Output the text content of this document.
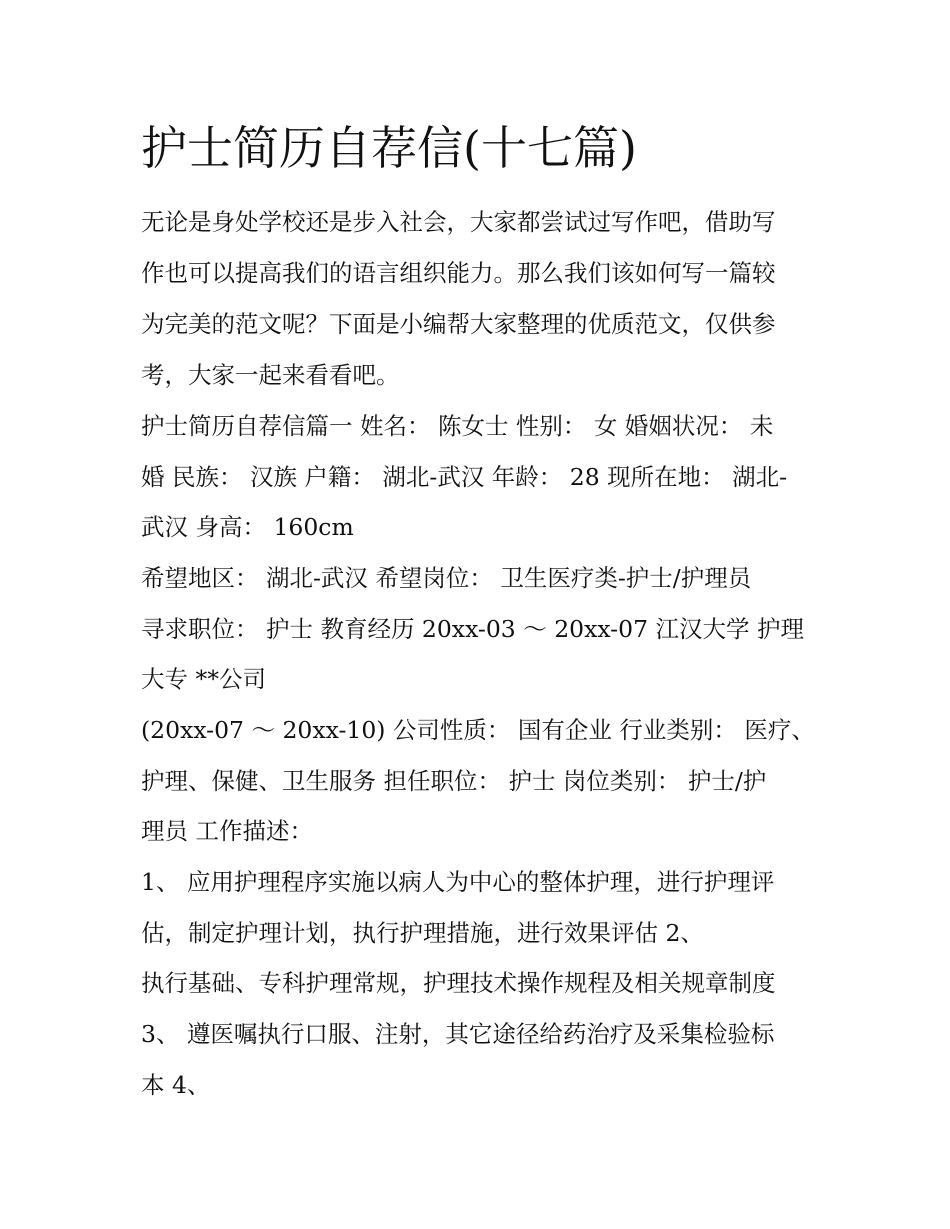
护士简历自荐信(十七篇)

无论是身处学校还是步入社会，大家都尝试过写作吧，借助写

作也可以提高我们的语言组织能力。那么我们该如何写一篇较

为完美的范文呢？下面是小编帮大家整理的优质范文，仅供参

考，大家一起来看看吧。

护士简历自荐信篇一 姓名： 陈女士 性别： 女 婚姻状况： 未

婚 民族： 汉族 户籍： 湖北-武汉 年龄： 28 现所在地： 湖北-

武汉 身高： 160cm

希望地区： 湖北-武汉 希望岗位： 卫生医疗类-护士/护理员

寻求职位： 护士 教育经历 20xx-03 ～ 20xx-07 江汉大学 护理

大专 **公司

(20xx-07 ～ 20xx-10) 公司性质： 国有企业 行业类别： 医疗、

护理、保健、卫生服务 担任职位： 护士 岗位类别： 护士/护

理员 工作描述：

1、 应用护理程序实施以病人为中心的整体护理，进行护理评

估，制定护理计划，执行护理措施，进行效果评估 2、

执行基础、专科护理常规，护理技术操作规程及相关规章制度

3、 遵医嘱执行口服、注射，其它途径给药治疗及采集检验标

本 4、
